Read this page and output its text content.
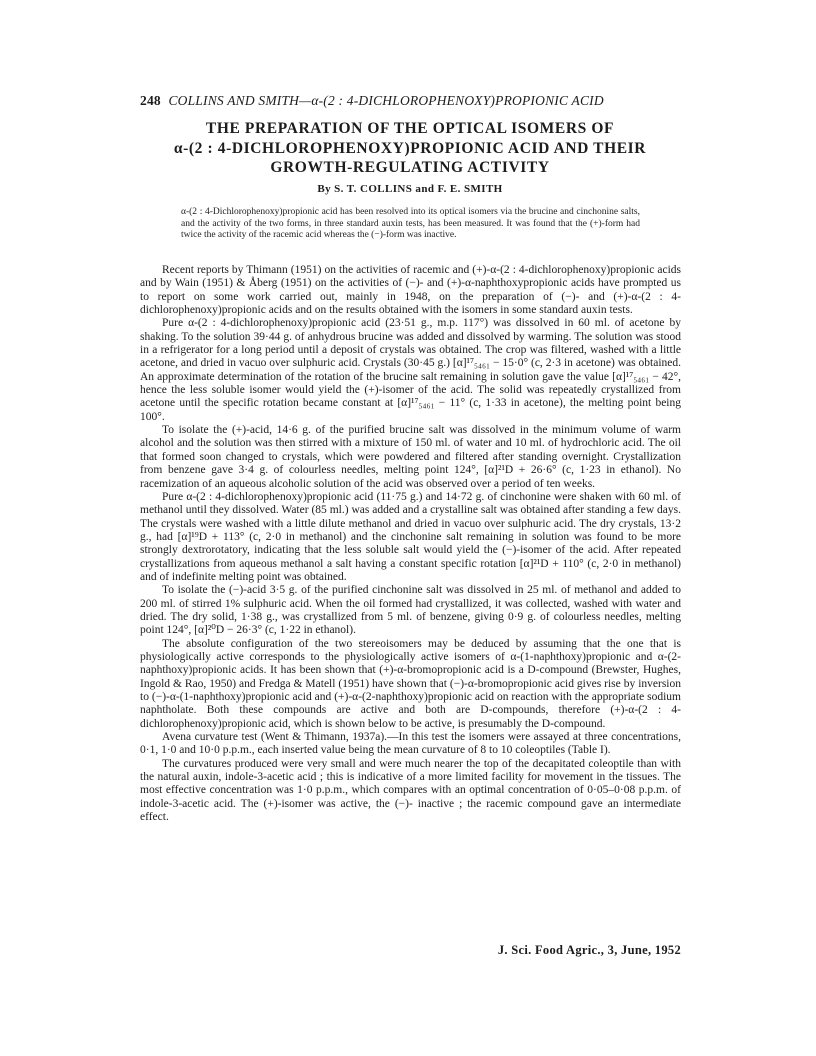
248 COLLINS AND SMITH—α-(2 : 4-DICHLOROPHENOXY)PROPIONIC ACID
THE PREPARATION OF THE OPTICAL ISOMERS OF
α-(2 : 4-DICHLOROPHENOXY)PROPIONIC ACID AND THEIR
GROWTH-REGULATING ACTIVITY
By S. T. COLLINS and F. E. SMITH
α-(2 : 4-Dichlorophenoxy)propionic acid has been resolved into its optical isomers via the brucine and cinchonine salts, and the activity of the two forms, in three standard auxin tests, has been measured. It was found that the (+)-form had twice the activity of the racemic acid whereas the (−)-form was inactive.

Recent reports by Thimann (1951) on the activities of racemic and (+)-α-(2 : 4-dichlorophenoxy)propionic acids and by Wain (1951) & Åberg (1951) on the activities of (−)- and (+)-α-naphthoxypropionic acids have prompted us to report on some work carried out, mainly in 1948, on the preparation of (−)- and (+)-α-(2 : 4-dichlorophenoxy)propionic acids and on the results obtained with the isomers in some standard auxin tests.

Pure α-(2 : 4-dichlorophenoxy)propionic acid (23·51 g., m.p. 117°) was dissolved in 60 ml. of acetone by shaking. To the solution 39·44 g. of anhydrous brucine was added and dissolved by warming. The solution was stood in a refrigerator for a long period until a deposit of crystals was obtained. The crop was filtered, washed with a little acetone, and dried in vacuo over sulphuric acid. Crystals (30·45 g.) [α]¹⁷₅₄₆₁ − 15·0° (c, 2·3 in acetone) was obtained. An approximate determination of the rotation of the brucine salt remaining in solution gave the value [α]¹⁷₅₄₆₁ − 42°, hence the less soluble isomer would yield the (+)-isomer of the acid. The solid was repeatedly crystallized from acetone until the specific rotation became constant at [α]¹⁷₅₄₆₁ − 11° (c, 1·33 in acetone), the melting point being 100°.

To isolate the (+)-acid, 14·6 g. of the purified brucine salt was dissolved in the minimum volume of warm alcohol and the solution was then stirred with a mixture of 150 ml. of water and 10 ml. of hydrochloric acid. The oil that formed soon changed to crystals, which were powdered and filtered after standing overnight. Crystallization from benzene gave 3·4 g. of colourless needles, melting point 124°, [α]²¹D + 26·6° (c, 1·23 in ethanol). No racemization of an aqueous alcoholic solution of the acid was observed over a period of ten weeks.

Pure α-(2 : 4-dichlorophenoxy)propionic acid (11·75 g.) and 14·72 g. of cinchonine were shaken with 60 ml. of methanol until they dissolved. Water (85 ml.) was added and a crystalline salt was obtained after standing a few days. The crystals were washed with a little dilute methanol and dried in vacuo over sulphuric acid. The dry crystals, 13·2 g., had [α]¹⁹D + 113° (c, 2·0 in methanol) and the cinchonine salt remaining in solution was found to be more strongly dextrorotatory, indicating that the less soluble salt would yield the (−)-isomer of the acid. After repeated crystallizations from aqueous methanol a salt having a constant specific rotation [α]²¹D + 110° (c, 2·0 in methanol) and of indefinite melting point was obtained.

To isolate the (−)-acid 3·5 g. of the purified cinchonine salt was dissolved in 25 ml. of methanol and added to 200 ml. of stirred 1% sulphuric acid. When the oil formed had crystallized, it was collected, washed with water and dried. The dry solid, 1·38 g., was crystallized from 5 ml. of benzene, giving 0·9 g. of colourless needles, melting point 124°, [α]²⁰D − 26·3° (c, 1·22 in ethanol).

The absolute configuration of the two stereoisomers may be deduced by assuming that the one that is physiologically active corresponds to the physiologically active isomers of α-(1-naphthoxy)propionic and α-(2-naphthoxy)propionic acids. It has been shown that (+)-α-bromopropionic acid is a D-compound (Brewster, Hughes, Ingold & Rao, 1950) and Fredga & Matell (1951) have shown that (−)-α-bromopropionic acid gives rise by inversion to (−)-α-(1-naphthoxy)propionic acid and (+)-α-(2-naphthoxy)propionic acid on reaction with the appropriate sodium naphtholate. Both these compounds are active and both are D-compounds, therefore (+)-α-(2 : 4-dichlorophenoxy)propionic acid, which is shown below to be active, is presumably the D-compound.

Avena curvature test (Went & Thimann, 1937a).—In this test the isomers were assayed at three concentrations, 0·1, 1·0 and 10·0 p.p.m., each inserted value being the mean curvature of 8 to 10 coleoptiles (Table I).

The curvatures produced were very small and were much nearer the top of the decapitated coleoptile than with the natural auxin, indole-3-acetic acid ; this is indicative of a more limited facility for movement in the tissues. The most effective concentration was 1·0 p.p.m., which compares with an optimal concentration of 0·05–0·08 p.p.m. of indole-3-acetic acid. The (+)-isomer was active, the (−)- inactive ; the racemic compound gave an intermediate effect.

J. Sci. Food Agric., 3, June, 1952
